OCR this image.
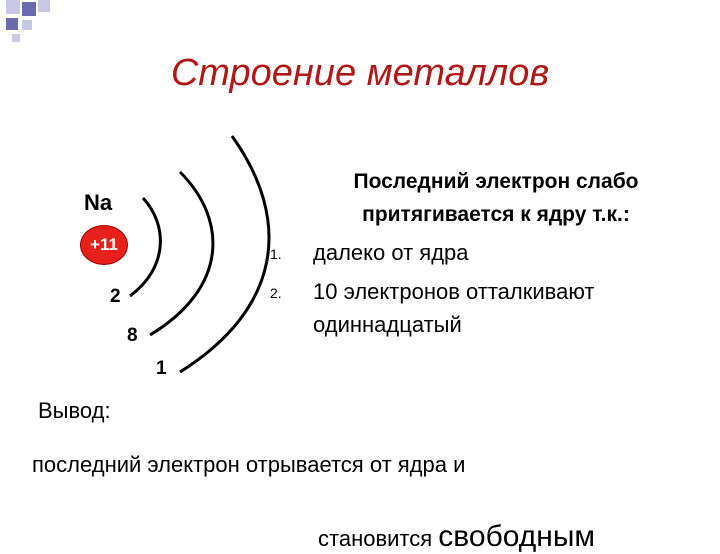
Строение металлов
Na
+11
2
8
1
Последний электрон слабо
притягивается к ядру т.к.:
1. далеко от ядра
2. 10 электронов отталкивают
одиннадцатый
Вывод:
последний электрон отрывается от ядра и
становится свободным
